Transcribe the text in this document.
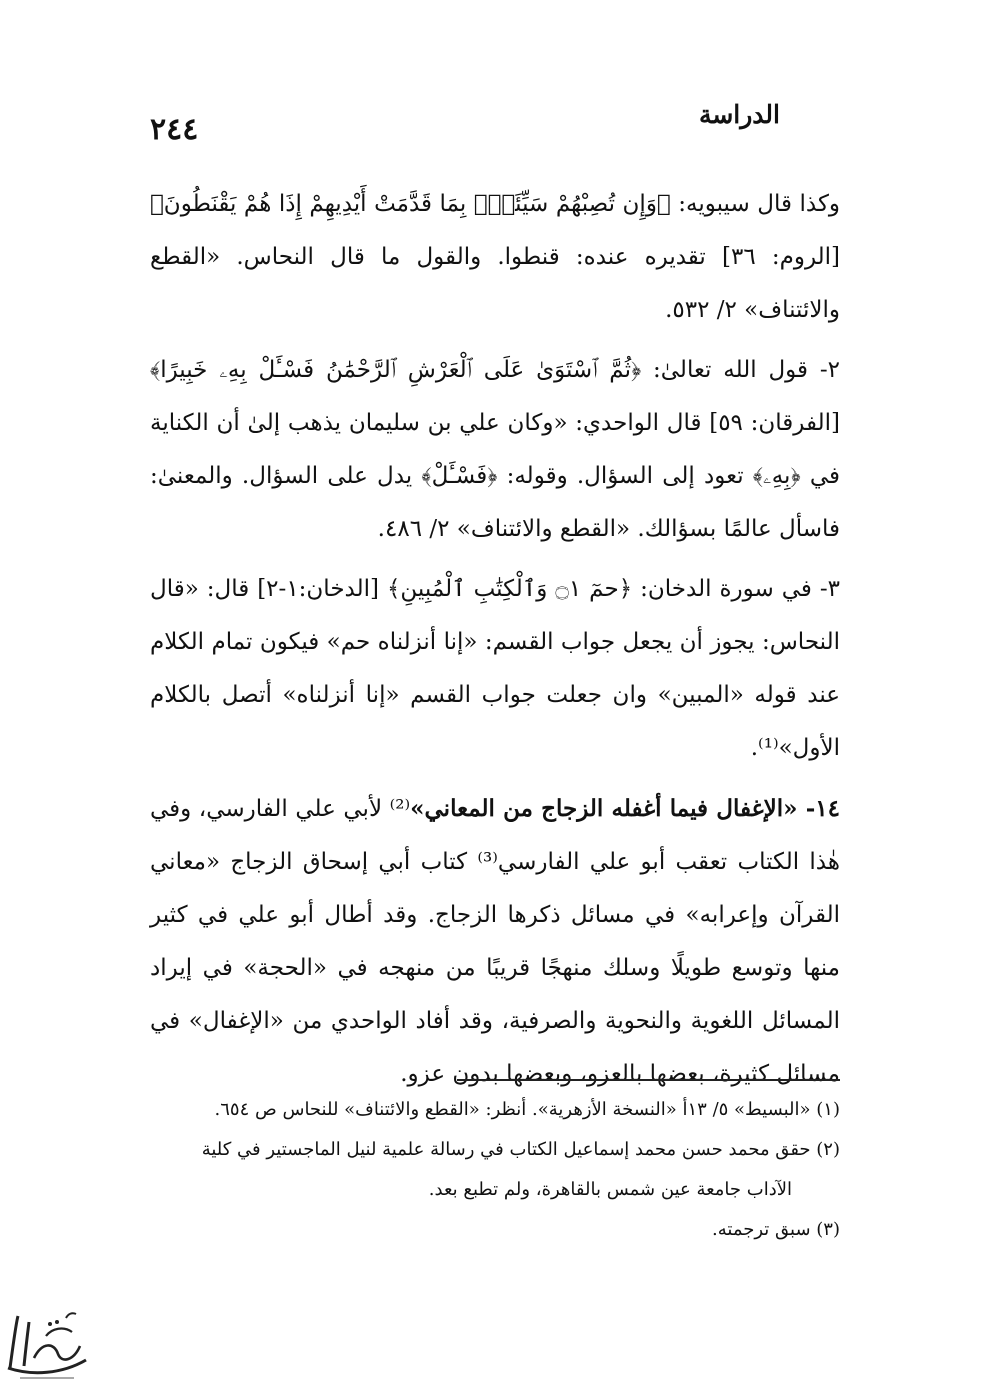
٢٤٤	الدراسة

وكذا قال سيبويه: ﴿وَإِن تُصِبْهُمْ سَيِّئَةٌۢ بِمَا قَدَّمَتْ أَيْدِيهِمْ إِذَا هُمْ يَقْنَطُونَ﴾ [الروم: ٣٦] تقديره عنده: قنطوا. والقول ما قال النحاس. «القطع والائتناف» ٢/ ٥٣٢.

٢- قول الله تعالىٰ: ﴿ثُمَّ ٱسْتَوَىٰ عَلَى ٱلْعَرْشِ ٱلرَّحْمَٰنُ فَسْـَٔلْ بِهِۦ خَبِيرًا﴾ [الفرقان: ٥٩] قال الواحدي: «وكان علي بن سليمان يذهب إلىٰ أن الكناية في ﴿بِهِۦ﴾ تعود إلى السؤال. وقوله: ﴿فَسْـَٔلْ﴾ يدل على السؤال. والمعنىٰ: فاسأل عالمًا بسؤالك. «القطع والائتناف» ٢/ ٤٨٦.

٣- في سورة الدخان: ﴿حمٓ ۝١ وَٱلْكِتَٰبِ ٱلْمُبِينِ﴾ [الدخان:١-٢] قال: «قال النحاس: يجوز أن يجعل جواب القسم: «إنا أنزلناه حم» فيكون تمام الكلام عند قوله «المبين» وان جعلت جواب القسم «إنا أنزلناه» أتصل بالكلام الأول»⁽¹⁾.

١٤- «الإغفال فيما أغفله الزجاج من المعاني»⁽²⁾ لأبي علي الفارسي، وفي هٰذا الكتاب تعقب أبو علي الفارسي⁽³⁾ كتاب أبي إسحاق الزجاج «معاني القرآن وإعرابه» في مسائل ذكرها الزجاج. وقد أطال أبو علي في كثير منها وتوسع طويلًا وسلك منهجًا قريبًا من منهجه في «الحجة» في إيراد المسائل اللغوية والنحوية والصرفية، وقد أفاد الواحدي من «الإغفال» في مسائل كثيرة، بعضها بالعزو، وبعضها بدون عزو.

(١) «البسيط» ٥/ ١٣أ «النسخة الأزهرية». أنظر: «القطع والائتناف» للنحاس ص ٦٥٤.

(٢) حقق محمد حسن محمد إسماعيل الكتاب في رسالة علمية لنيل الماجستير في كلية

الآداب جامعة عين شمس بالقاهرة، ولم تطبع بعد.

(٣) سبق ترجمته.
